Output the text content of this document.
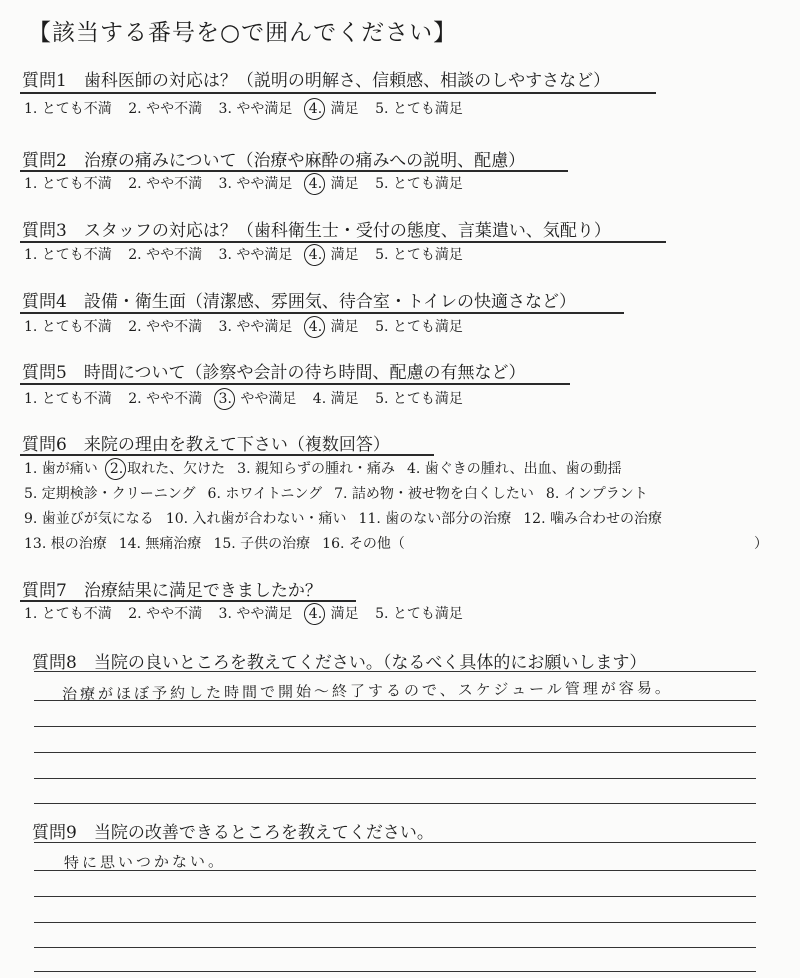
【該当する番号を○で囲んでください】
質問1　歯科医師の対応は？（説明の明解さ、信頼感、相談のしやすさなど）
1. とても不満 2. やや不満 3. やや満足 4. 満足 5. とても満足
質問2　治療の痛みについて（治療や麻酔の痛みへの説明、配慮）
1. とても不満 2. やや不満 3. やや満足 4. 満足 5. とても満足
質問3　スタッフの対応は？（歯科衛生士・受付の態度、言葉遣い、気配り）
1. とても不満 2. やや不満 3. やや満足 4. 満足 5. とても満足
質問4　設備・衛生面（清潔感、雰囲気、待合室・トイレの快適さなど）
1. とても不満 2. やや不満 3. やや満足 4. 満足 5. とても満足
質問5　時間について（診察や会計の待ち時間、配慮の有無など）
1. とても不満 2. やや不満 3. やや満足 4. 満足 5. とても満足
質問6　来院の理由を教えて下さい（複数回答）
1. 歯が痛い 2. 取れた、欠けた 3. 親知らずの腫れ・痛み 4. 歯ぐきの腫れ、出血、歯の動揺
5. 定期検診・クリーニング 6. ホワイトニング 7. 詰め物・被せ物を白くしたい 8. インプラント
9. 歯並びが気になる 10. 入れ歯が合わない・痛い 11. 歯のない部分の治療 12. 噛み合わせの治療
13. 根の治療 14. 無痛治療 15. 子供の治療 16. その他（	）
質問7　治療結果に満足できましたか？
1. とても不満 2. やや不満 3. やや満足 4. 満足 5. とても満足
質問8　当院の良いところを教えてください。（なるべく具体的にお願いします）
治療がほぼ予約した時間で開始〜終了するので、スケジュール管理が容易。
質問9　当院の改善できるところを教えてください。
特に思いつかない。
